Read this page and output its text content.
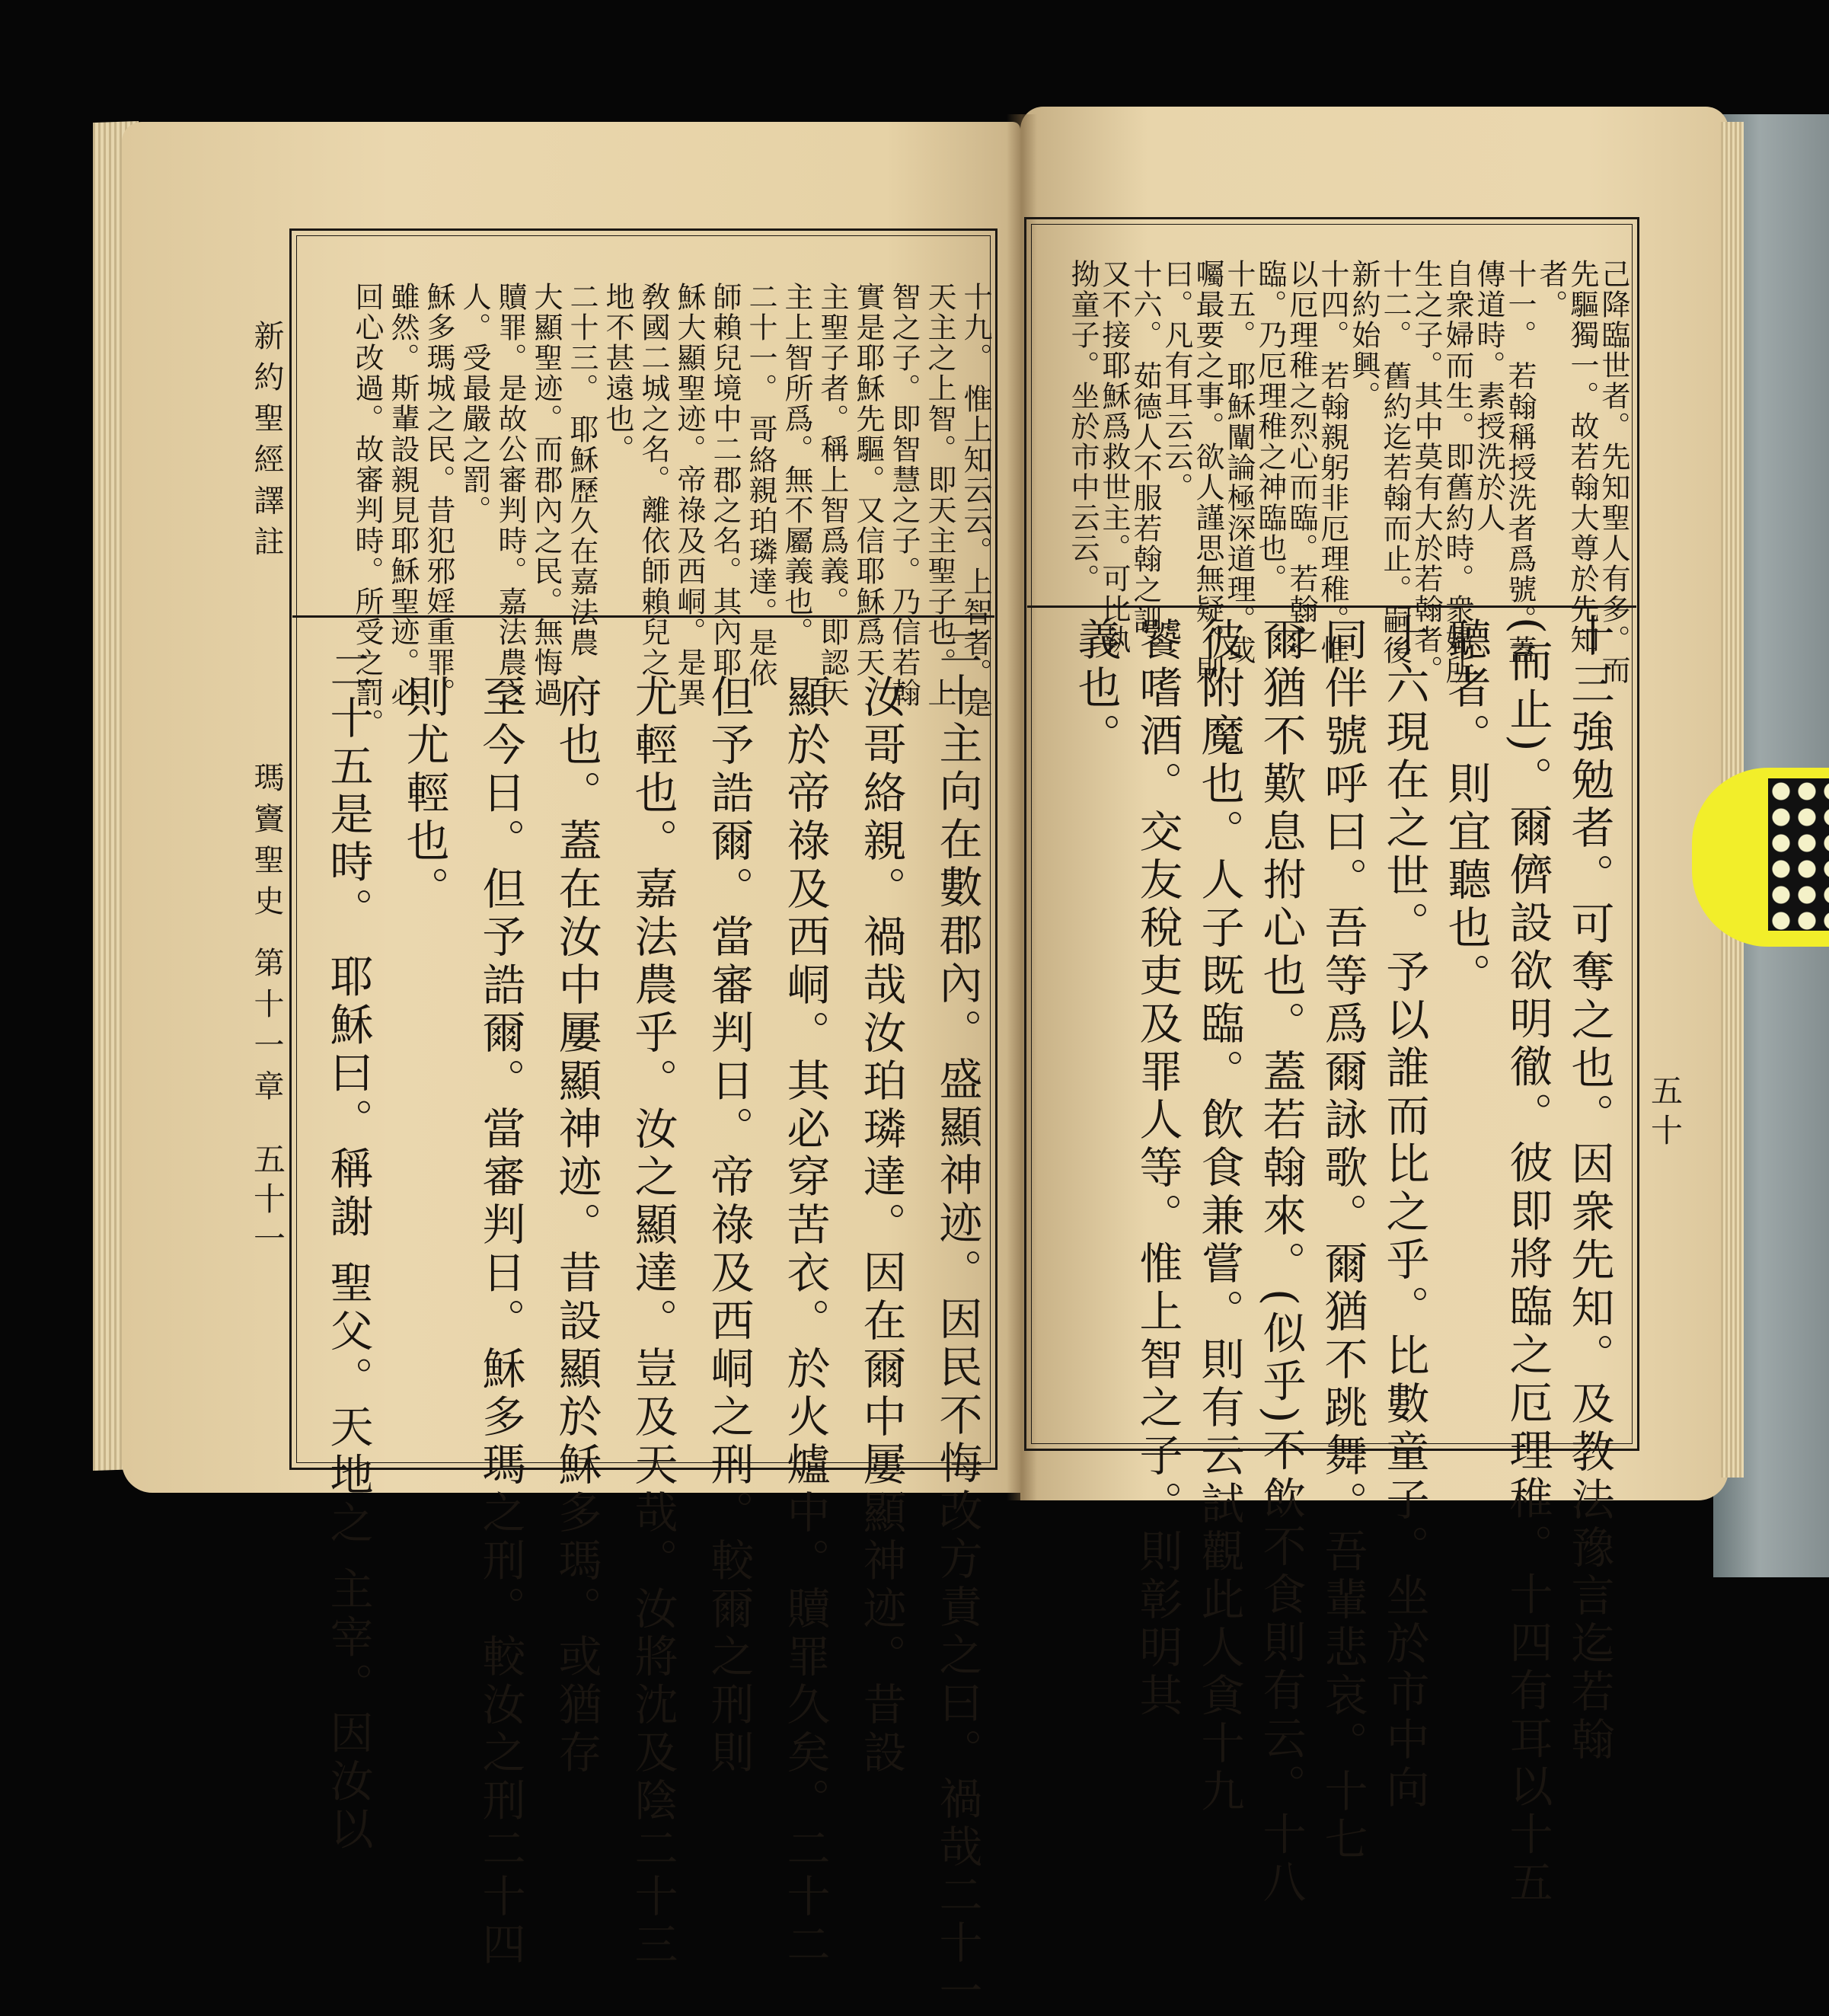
新約聖經譯註
瑪竇聖史 第十一章
五十一
十九。 惟上知云云。上智者。是
天主之上智。即天主聖子也。上
智之子。即智慧之子。乃信若翰
實是耶穌先驅。又信耶穌爲天
主聖子者。稱上智爲義。即認天
主上智所爲。無不屬義也。
二十一。 哥絡親珀璘達。是依
師賴兒境中二郡之名。其內耶
穌大顯聖迹。帝祿及西峒。是異
敎國二城之名。離依師賴兒之
地不甚遠也。
二十三。 耶穌歷久在嘉法農
大顯聖迹。而郡內之民。無悔過
贖罪。是故公審判時。嘉法農之
人。受最嚴之罰。
穌多瑪城之民。昔犯邪婬重罪。
雖然。斯輩設親見耶穌聖迹。必
回心改過。故審判時。所受之罰。
二十主向在數郡內。盛顯神迹。因民不悔改方責之曰。禍哉二十一
汝哥絡親。禍哉汝珀璘達。因在爾中屢顯神迹。昔設
顯於帝祿及西峒。其必穿苦衣。於火爐中。贖罪久矣。二十二
但予誥爾。當審判日。帝祿及西峒之刑。較爾之刑則
尤輕也。嘉法農乎。汝之顯達。豈及天哉。汝將沈及陰二十三
府也。蓋在汝中屢顯神迹。昔設顯於穌多瑪。或猶存
至今日。但予誥爾。當審判日。穌多瑪之刑。較汝之刑二十四
則尤輕也。
二十五是時。 耶穌曰。稱謝 聖父。天地之 主宰。因汝以	五十
己降臨世者。先知聖人有多。而
先驅獨一。故若翰大尊於先知
者。
十一。 若翰稱授洗者爲號。蓋
傳道時。素授洗於人
自衆婦而生。即舊約時。衆婦所
生之子。其中莫有大於若翰者。
十二。 舊約迄若翰而止。嗣後
新約始興。
十四。 若翰親躬非厄理稚。惟
以厄理稚之烈心而臨。若翰之
臨。乃厄理稚之神臨也。
十五。 耶穌闡論極深道理。或
囑最要之事。欲人謹思無疑。則
曰。凡有耳云云。
十六。 茹德人不服若翰之訓。
又不接耶穌爲救世主。可比執
拗童子。坐於市中云云。
十三強勉者。可奪之也。因衆先知。及教法豫言迄若翰
(而止)。爾儕設欲明徹。彼即將臨之厄理稚。十四有耳以十五
聽者。則宜聽也。
十六現在之世。予以誰而比之乎。比數童子。坐於市中向
同伴號呼曰。吾等爲爾詠歌。爾猶不跳舞。吾輩悲哀。十七
爾猶不歎息拊心也。蓋若翰來。(似乎)不飲不食則有云。十八
彼附魔也。人子既臨。飲食兼嘗。則有云試觀此人貪十九
饕嗜酒。交友稅吏及罪人等。惟上智之子。則彰明其
義也。
